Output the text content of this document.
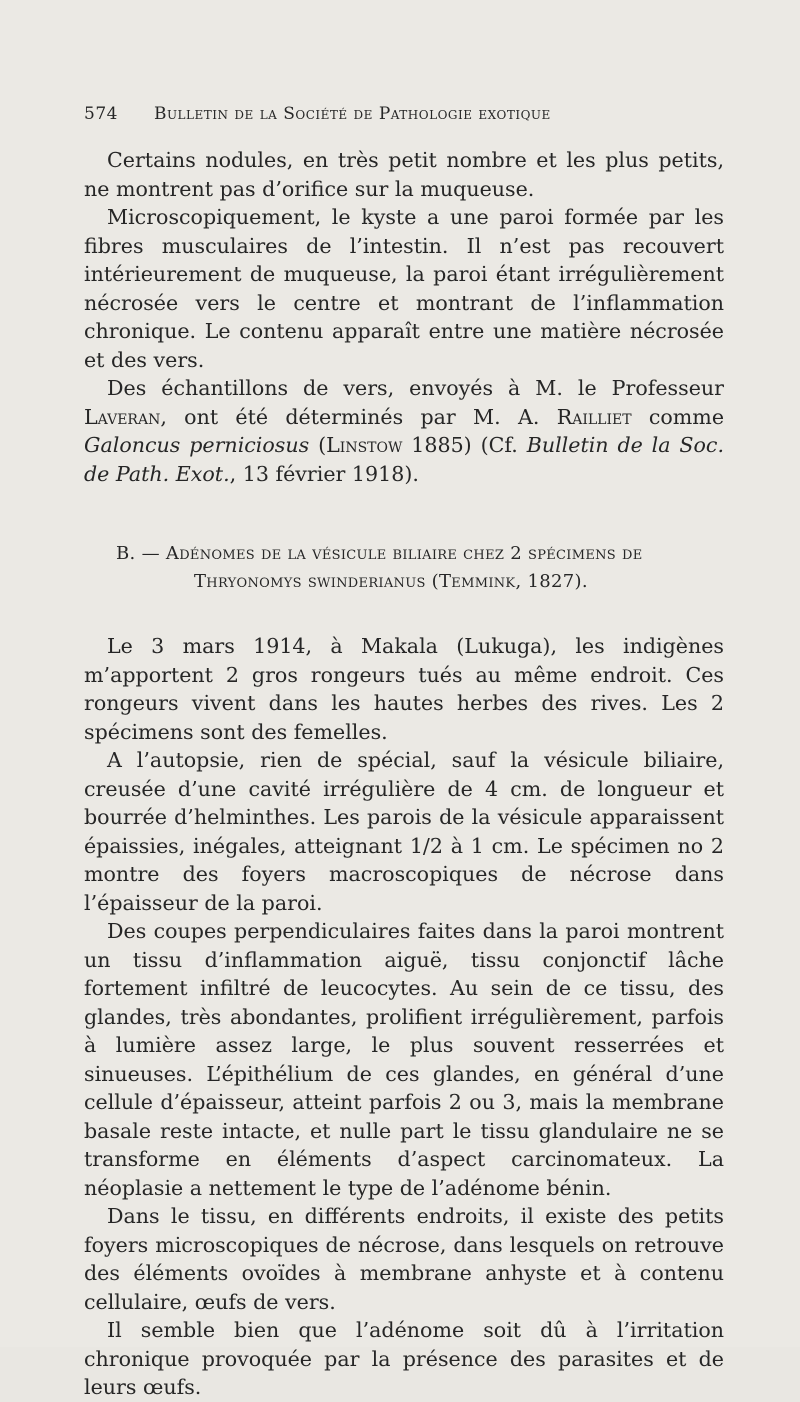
574 Bulletin de la Société de Pathologie exotique

Certains nodules, en très petit nombre et les plus petits, ne montrent pas d’orifice sur la muqueuse.

Microscopiquement, le kyste a une paroi formée par les fibres musculaires de l’intestin. Il n’est pas recouvert intérieurement de muqueuse, la paroi étant irrégulièrement nécrosée vers le centre et montrant de l’inflammation chronique. Le contenu apparaît entre une matière nécrosée et des vers.

Des échantillons de vers, envoyés à M. le Professeur Laveran, ont été déterminés par M. A. Railliet comme Galoncus perniciosus (Linstow 1885) (Cf. Bulletin de la Soc. de Path. Exot., 13 février 1918).

B. — Adénomes de la vésicule biliaire chez 2 spécimens de
Thryonomys swinderianus (Temmink, 1827).

Le 3 mars 1914, à Makala (Lukuga), les indigènes m’apportent 2 gros rongeurs tués au même endroit. Ces rongeurs vivent dans les hautes herbes des rives. Les 2 spécimens sont des femelles.

A l’autopsie, rien de spécial, sauf la vésicule biliaire, creusée d’une cavité irrégulière de 4 cm. de longueur et bourrée d’helminthes. Les parois de la vésicule apparaissent épaissies, inégales, atteignant 1/2 à 1 cm. Le spécimen no 2 montre des foyers macroscopiques de nécrose dans l’épaisseur de la paroi.

Des coupes perpendiculaires faites dans la paroi montrent un tissu d’inflammation aiguë, tissu conjonctif lâche fortement infiltré de leucocytes. Au sein de ce tissu, des glandes, très abondantes, prolifient irrégulièrement, parfois à lumière assez large, le plus souvent resserrées et sinueuses. L’épithélium de ces glandes, en général d’une cellule d’épaisseur, atteint parfois 2 ou 3, mais la membrane basale reste intacte, et nulle part le tissu glandulaire ne se transforme en éléments d’aspect carcinomateux. La néoplasie a nettement le type de l’adénome bénin.

Dans le tissu, en différents endroits, il existe des petits foyers microscopiques de nécrose, dans lesquels on retrouve des éléments ovoïdes à membrane anhyste et à contenu cellulaire, œufs de vers.

Il semble bien que l’adénome soit dû à l’irritation chronique provoquée par la présence des parasites et de leurs œufs.
